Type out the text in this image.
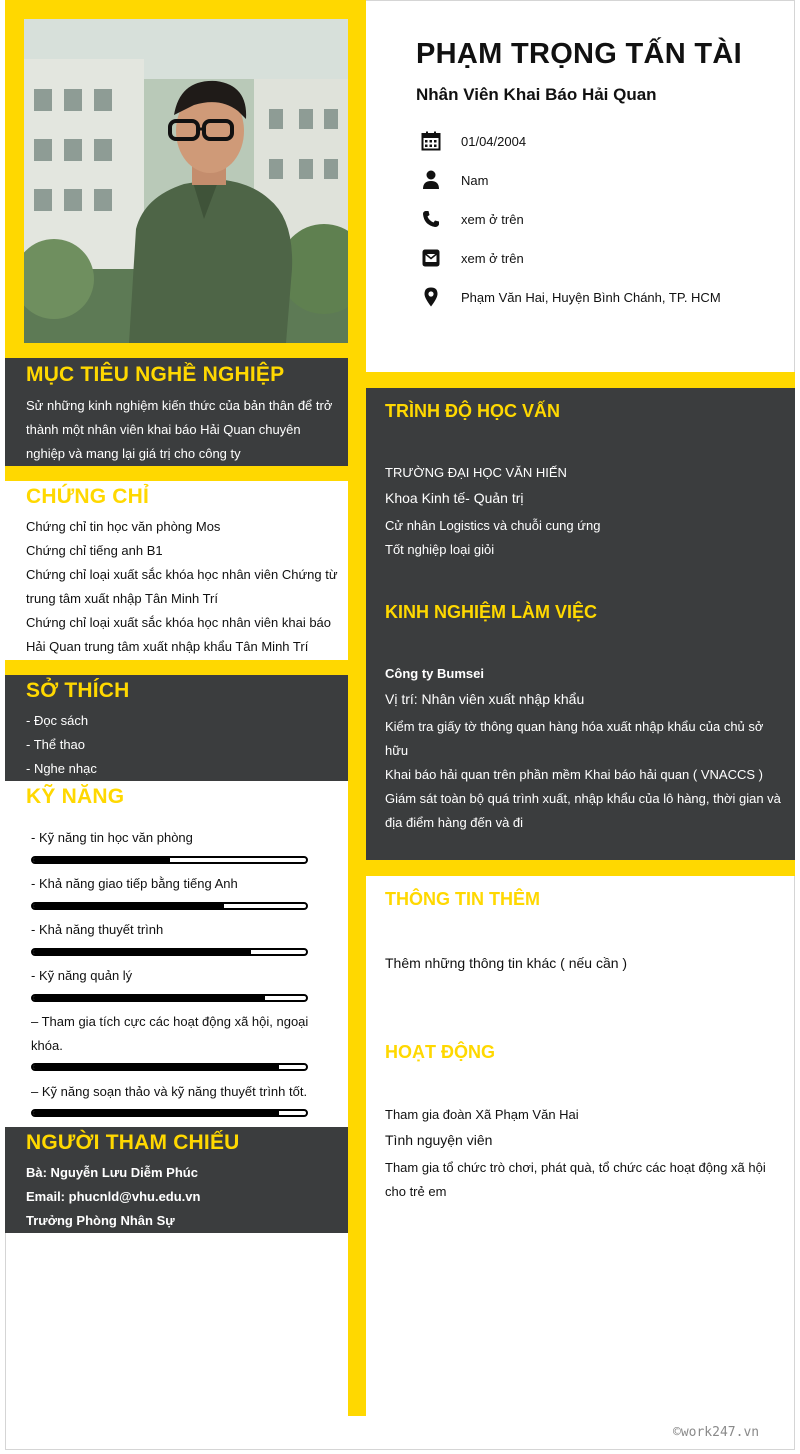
MỤC TIÊU NGHỀ NGHIỆP
Sử những kinh nghiệm kiến thức của bản thân để trở thành một nhân viên khai báo Hải Quan chuyên nghiệp và mang lại giá trị cho công ty
CHỨNG CHỈ
Chứng chỉ tin học văn phòng Mos
Chứng chỉ tiếng anh B1
Chứng chỉ loại xuất sắc khóa học nhân viên Chứng từ trung tâm xuất nhập Tân Minh Trí
Chứng chỉ loại xuất sắc khóa học nhân viên khai báo Hải Quan trung tâm xuất nhập khẩu Tân Minh Trí
SỞ THÍCH
- Đọc sách
- Thể thao
- Nghe nhạc
KỸ NĂNG
- Kỹ năng tin học văn phòng
- Khả năng giao tiếp bằng tiếng Anh
- Khả năng thuyết trình
- Kỹ năng quản lý
– Tham gia tích cực các hoạt động xã hội, ngoại khóa.
– Kỹ năng soạn thảo và kỹ năng thuyết trình tốt.
NGƯỜI THAM CHIẾU
Bà: Nguyễn Lưu Diễm Phúc
Email: phucnld@vhu.edu.vn
Trưởng Phòng Nhân Sự
PHẠM TRỌNG TẤN TÀI
Nhân Viên Khai Báo Hải Quan
01/04/2004
Nam
xem ở trên
xem ở trên
Phạm Văn Hai, Huyện Bình Chánh, TP. HCM
TRÌNH ĐỘ HỌC VẤN
TRƯỜNG ĐẠI HỌC VĂN HIẾN
Khoa Kinh tế- Quản trị
Cử nhân Logistics và chuỗi cung ứng
Tốt nghiệp loại giỏi
KINH NGHIỆM LÀM VIỆC
Công ty Bumsei
Vị trí: Nhân viên xuất nhập khẩu
Kiểm tra giấy tờ thông quan hàng hóa xuất nhập khẩu của chủ sở hữu
Khai báo hải quan trên phần mềm Khai báo hải quan ( VNACCS )
Giám sát toàn bộ quá trình xuất, nhập khẩu của lô hàng, thời gian và địa điểm hàng đến và đi
THÔNG TIN THÊM
Thêm những thông tin khác ( nếu cần )
HOẠT ĐỘNG
Tham gia đoàn Xã Phạm Văn Hai
Tình nguyện viên
Tham gia tổ chức trò chơi, phát quà, tổ chức các hoạt động xã hội cho trẻ em
©work247.vn
